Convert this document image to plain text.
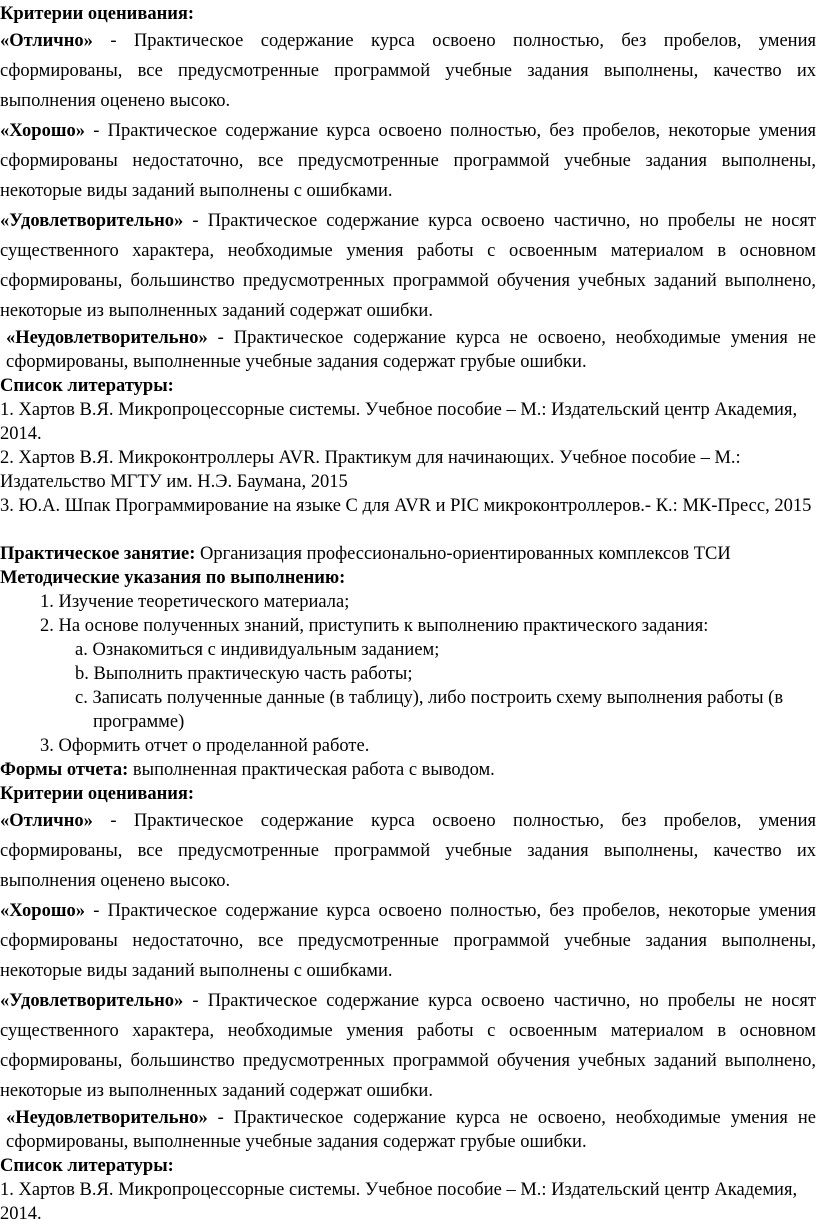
Критерии оценивания:

«Отлично» - Практическое содержание курса освоено полностью, без пробелов, умения сформированы, все предусмотренные программой учебные задания выполнены, качество их выполнения оценено высоко.

«Хорошо» - Практическое содержание курса освоено полностью, без пробелов, некоторые умения сформированы недостаточно, все предусмотренные программой учебные задания выполнены, некоторые виды заданий выполнены с ошибками.

«Удовлетворительно» - Практическое содержание курса освоено частично, но пробелы не носят существенного характера, необходимые умения работы с освоенным материалом в основном сформированы, большинство предусмотренных программой обучения учебных заданий выполнено, некоторые из выполненных заданий содержат ошибки.

«Неудовлетворительно» - Практическое содержание курса не освоено, необходимые умения не сформированы, выполненные учебные задания содержат грубые ошибки.

Список литературы:

1. Хартов В.Я. Микропроцессорные системы. Учебное пособие – М.: Издательский центр Академия, 2014.

2. Хартов В.Я. Микроконтроллеры AVR. Практикум для начинающих. Учебное пособие – М.: Издательство МГТУ им. Н.Э. Баумана, 2015

3. Ю.А. Шпак Программирование на языке C для AVR и PIC микроконтроллеров.- К.: МК-Пресс, 2015

Практическое занятие: Организация профессионально-ориентированных комплексов ТСИ

Методические указания по выполнению:

1. Изучение теоретического материала;
2. На основе полученных знаний, приступить к выполнению практического задания:
a. Ознакомиться с индивидуальным заданием;
b. Выполнить практическую часть работы;
c. Записать полученные данные (в таблицу), либо построить схему выполнения работы (в программе)
3. Оформить отчет о проделанной работе.

Формы отчета: выполненная практическая работа с выводом.

Критерии оценивания:

«Отлично» - Практическое содержание курса освоено полностью, без пробелов, умения сформированы, все предусмотренные программой учебные задания выполнены, качество их выполнения оценено высоко.

«Хорошо» - Практическое содержание курса освоено полностью, без пробелов, некоторые умения сформированы недостаточно, все предусмотренные программой учебные задания выполнены, некоторые виды заданий выполнены с ошибками.

«Удовлетворительно» - Практическое содержание курса освоено частично, но пробелы не носят существенного характера, необходимые умения работы с освоенным материалом в основном сформированы, большинство предусмотренных программой обучения учебных заданий выполнено, некоторые из выполненных заданий содержат ошибки.

«Неудовлетворительно» - Практическое содержание курса не освоено, необходимые умения не сформированы, выполненные учебные задания содержат грубые ошибки.

Список литературы:

1. Хартов В.Я. Микропроцессорные системы. Учебное пособие – М.: Издательский центр Академия, 2014.
